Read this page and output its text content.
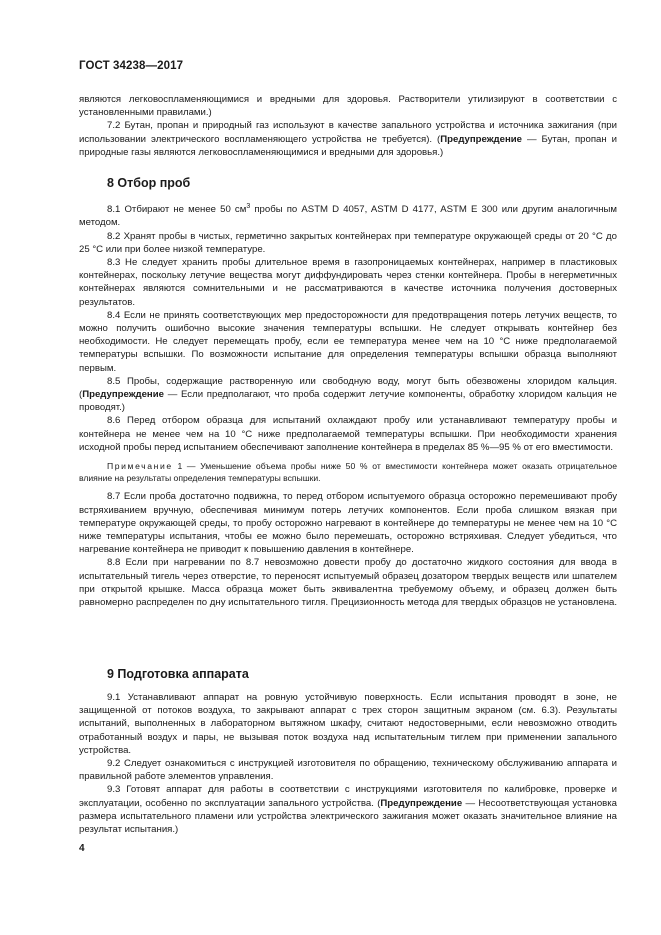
ГОСТ 34238—2017

являются легковоспламеняющимися и вредными для здоровья. Растворители утилизируют в соответствии с установленными правилами.)

7.2 Бутан, пропан и природный газ используют в качестве запального устройства и источника зажигания (при использовании электрического воспламеняющего устройства не требуется). (Предупреждение — Бутан, пропан и природные газы являются легковоспламеняющимися и вредными для здоровья.)

8 Отбор проб

8.1 Отбирают не менее 50 $см^3$ пробы по ASTM D 4057, ASTM D 4177, ASTM E 300 или другим аналогичным методом.

8.2 Хранят пробы в чистых, герметично закрытых контейнерах при температуре окружающей среды от 20 °С до 25 °С или при более низкой температуре.

8.3 Не следует хранить пробы длительное время в газопроницаемых контейнерах, например в пластиковых контейнерах, поскольку летучие вещества могут диффундировать через стенки контейнера. Пробы в негерметичных контейнерах являются сомнительными и не рассматриваются в качестве источника получения достоверных результатов.

8.4 Если не принять соответствующих мер предосторожности для предотвращения потерь летучих веществ, то можно получить ошибочно высокие значения температуры вспышки. Не следует открывать контейнер без необходимости. Не следует перемещать пробу, если ее температура менее чем на 10 °С ниже предполагаемой температуры вспышки. По возможности испытание для определения температуры вспышки образца выполняют первым.

8.5 Пробы, содержащие растворенную или свободную воду, могут быть обезвожены хлоридом кальция. (Предупреждение — Если предполагают, что проба содержит летучие компоненты, обработку хлоридом кальция не проводят.)

8.6 Перед отбором образца для испытаний охлаждают пробу или устанавливают температуру пробы и контейнера не менее чем на 10 °С ниже предполагаемой температуры вспышки. При необходимости хранения исходной пробы перед испытанием обеспечивают заполнение контейнера в пределах 85 %—95 % от его вместимости.

Примечание 1 — Уменьшение объема пробы ниже 50 % от вместимости контейнера может оказать отрицательное влияние на результаты определения температуры вспышки.

8.7 Если проба достаточно подвижна, то перед отбором испытуемого образца осторожно перемешивают пробу встряхиванием вручную, обеспечивая минимум потерь летучих компонентов. Если проба слишком вязкая при температуре окружающей среды, то пробу осторожно нагревают в контейнере до температуры не менее чем на 10 °С ниже температуры испытания, чтобы ее можно было перемешать, осторожно встряхивая. Следует убедиться, что нагревание контейнера не приводит к повышению давления в контейнере.

8.8 Если при нагревании по 8.7 невозможно довести пробу до достаточно жидкого состояния для ввода в испытательный тигель через отверстие, то переносят испытуемый образец дозатором твердых веществ или шпателем при открытой крышке. Масса образца может быть эквивалентна требуемому объему, и образец должен быть равномерно распределен по дну испытательного тигля. Прецизионность метода для твердых образцов не установлена.

9 Подготовка аппарата

9.1 Устанавливают аппарат на ровную устойчивую поверхность. Если испытания проводят в зоне, не защищенной от потоков воздуха, то закрывают аппарат с трех сторон защитным экраном (см. 6.3). Результаты испытаний, выполненных в лабораторном вытяжном шкафу, считают недостоверными, если невозможно отводить отработанный воздух и пары, не вызывая поток воздуха над испытательным тиглем при применении запального устройства.

9.2 Следует ознакомиться с инструкцией изготовителя по обращению, техническому обслуживанию аппарата и правильной работе элементов управления.

9.3 Готовят аппарат для работы в соответствии с инструкциями изготовителя по калибровке, проверке и эксплуатации, особенно по эксплуатации запального устройства. (Предупреждение — Несоответствующая установка размера испытательного пламени или устройства электрического зажигания может оказать значительное влияние на результат испытания.)

4
